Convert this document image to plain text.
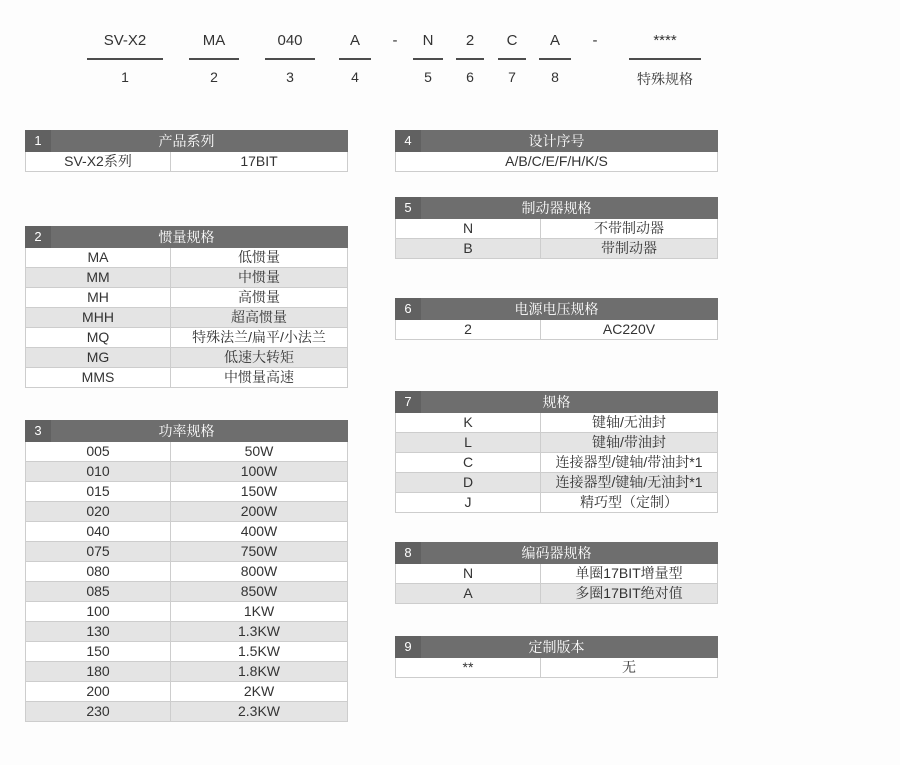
SV-X2
1
MA
2
040
3
A
4
-	N
5
2
6
C
7
A
8
-	****
特殊规格
1	产品系列
SV-X2系列	17BIT
2	惯量规格
MA	低惯量
MM	中惯量
MH	高惯量
MHH	超高惯量
MQ	特殊法兰/扁平/小法兰
MG	低速大转矩
MMS	中惯量高速
3	功率规格
005	50W
010	100W
015	150W
020	200W
040	400W
075	750W
080	800W
085	850W
100	1KW
130	1.3KW
150	1.5KW
180	1.8KW
200	2KW
230	2.3KW
4	设计序号
A/B/C/E/F/H/K/S
5	制动器规格
N	不带制动器
B	带制动器
6	电源电压规格
2	AC220V
7	规格
K	键轴/无油封
L	键轴/带油封
C	连接器型/键轴/带油封*1
D	连接器型/键轴/无油封*1
J	精巧型（定制）
8	编码器规格
N	单圈17BIT增量型
A	多圈17BIT绝对值
9	定制版本
**	无
